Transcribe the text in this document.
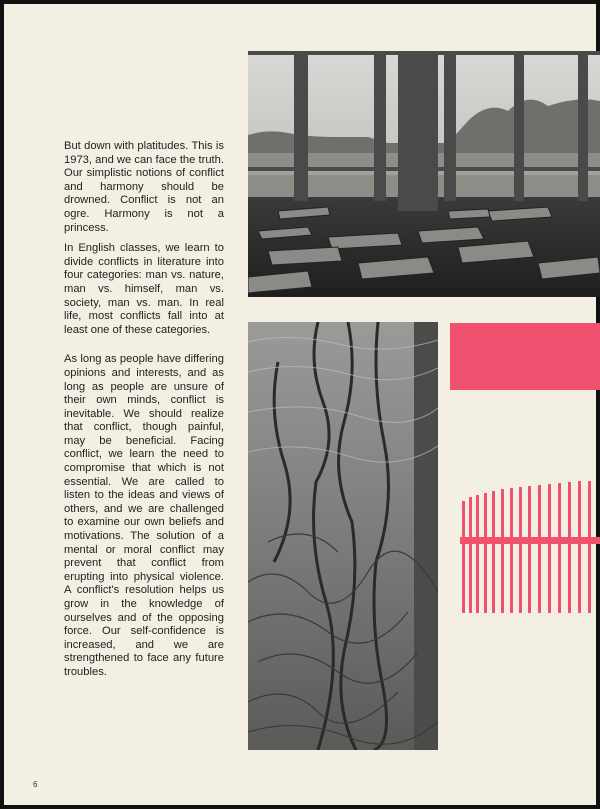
But down with platitudes. This is 1973, and we can face the truth. Our simplistic notions of conflict and harmony should be drowned. Conflict is not an ogre. Harmony is not a princess.

In English classes, we learn to divide conflicts in literature into four categories: man vs. nature, man vs. himself, man vs. society, man vs. man. In real life, most conflicts fall into at least one of these categories.

As long as people have differing opinions and interests, and as long as people are unsure of their own minds, conflict is inevitable. We should realize that conflict, though painful, may be beneficial. Facing conflict, we learn the need to compromise that which is not essential. We are called to listen to the ideas and views of others, and we are challenged to examine our own beliefs and motivations. The solution of a mental or moral conflict may prevent that conflict from erupting into physical violence. A conflict's resolution helps us grow in the knowledge of ourselves and of the opposing force. Our self-confidence is increased, and we are strengthened to face any future troubles.

6
